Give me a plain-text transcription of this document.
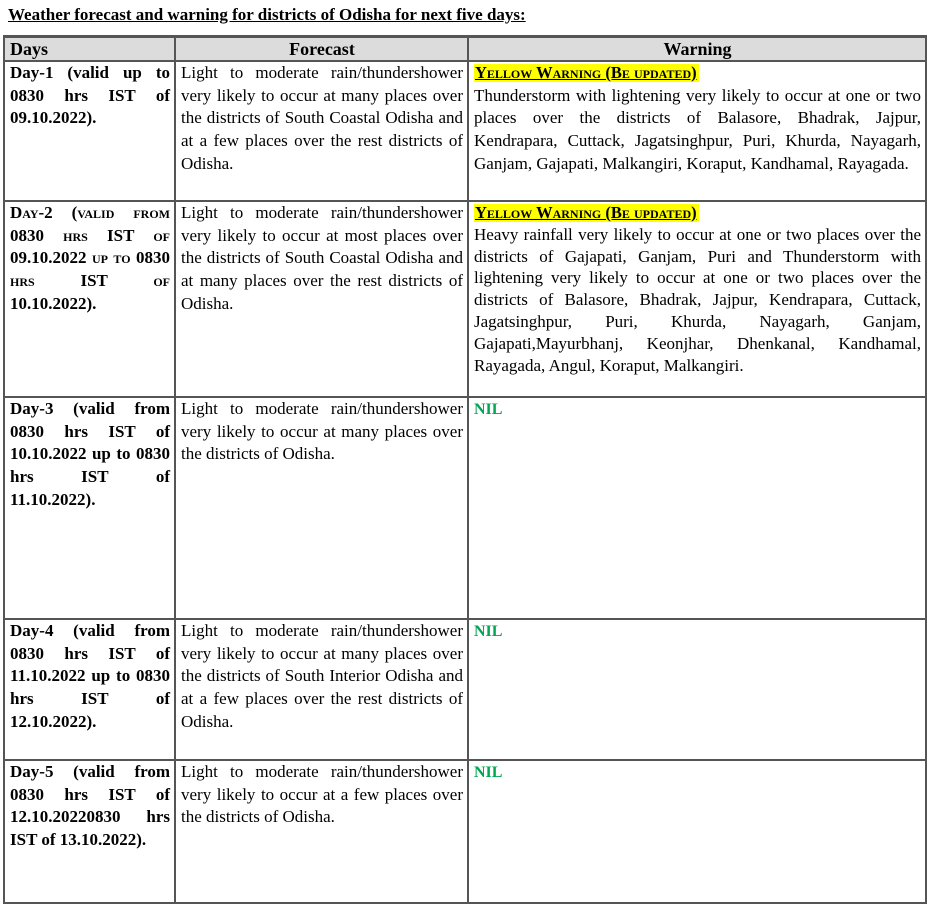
Weather forecast and warning for districts of Odisha for next five days:
Days	Forecast	Warning
Day-1 (valid up to 0830 hrs IST of 09.10.2022).	Light to moderate rain/thundershower very likely to occur at many places over the districts of South Coastal Odisha and at a few places over the rest districts of Odisha.	Yellow Warning (Be updated)
Thunderstorm with lightening very likely to occur at one or two places over the districts of Balasore, Bhadrak, Jajpur, Kendrapara, Cuttack, Jagatsinghpur, Puri, Khurda, Nayagarh, Ganjam, Gajapati, Malkangiri, Koraput, Kandhamal, Rayagada.

Day-2 (valid from 0830 hrs IST of 09.10.2022 up to 0830 hrs IST of 10.10.2022).	Light to moderate rain/thundershower very likely to occur at most places over the districts of South Coastal Odisha and at many places over the rest districts of Odisha.	Yellow Warning (Be updated)
Heavy rainfall very likely to occur at one or two places over the districts of Gajapati, Ganjam, Puri and Thunderstorm with lightening very likely to occur at one or two places over the districts of Balasore, Bhadrak, Jajpur, Kendrapara, Cuttack, Jagatsinghpur, Puri, Khurda, Nayagarh, Ganjam, Gajapati,Mayurbhanj, Keonjhar, Dhenkanal, Kandhamal, Rayagada, Angul, Koraput, Malkangiri.

Day-3 (valid from 0830 hrs IST of 10.10.2022 up to 0830 hrs IST of 11.10.2022).	Light to moderate rain/thundershower very likely to occur at many places over the districts of Odisha.	NIL
Day-4 (valid from 0830 hrs IST of 11.10.2022 up to 0830 hrs IST of 12.10.2022).	Light to moderate rain/thundershower very likely to occur at many places over the districts of South Interior Odisha and at a few places over the rest districts of Odisha.	NIL
Day-5 (valid from 0830 hrs IST of 12.10.20220830 hrs IST of 13.10.2022).	Light to moderate rain/thundershower very likely to occur at a few places over the districts of Odisha.	NIL
